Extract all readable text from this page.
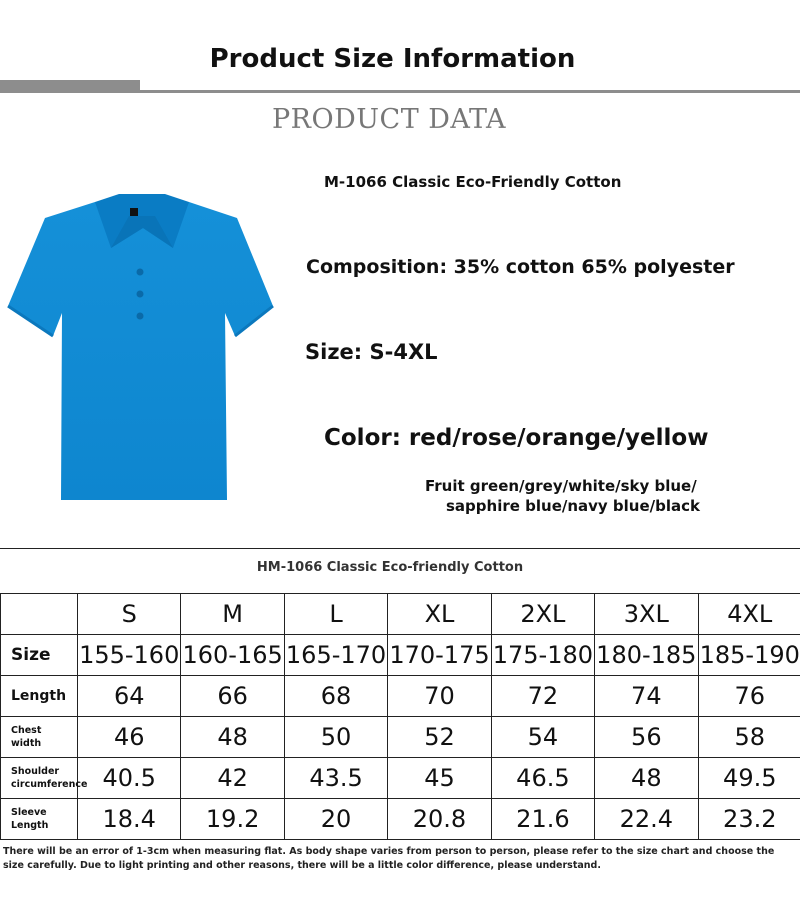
Product Size Information
PRODUCT DATA
M-1066 Classic Eco-Friendly Cotton
Composition: 35% cotton 65% polyester
Size: S-4XL
Color: red/rose/orange/yellow
Fruit green/grey/white/sky blue/
sapphire blue/navy blue/black
HM-1066 Classic Eco-friendly Cotton
	S	M	L	XL	2XL	3XL	4XL
Size	155-160	160-165	165-170	170-175	175-180	180-185	185-190
Length	64	66	68	70	72	74	76
Chest
width	46	48	50	52	54	56	58
Shoulder
circumference	40.5	42	43.5	45	46.5	48	49.5
Sleeve
Length	18.4	19.2	20	20.8	21.6	22.4	23.2
There will be an error of 1-3cm when measuring flat. As body shape varies from person to person, please refer to the size chart and choose the size carefully. Due to light printing and other reasons, there will be a little color difference, please understand.
